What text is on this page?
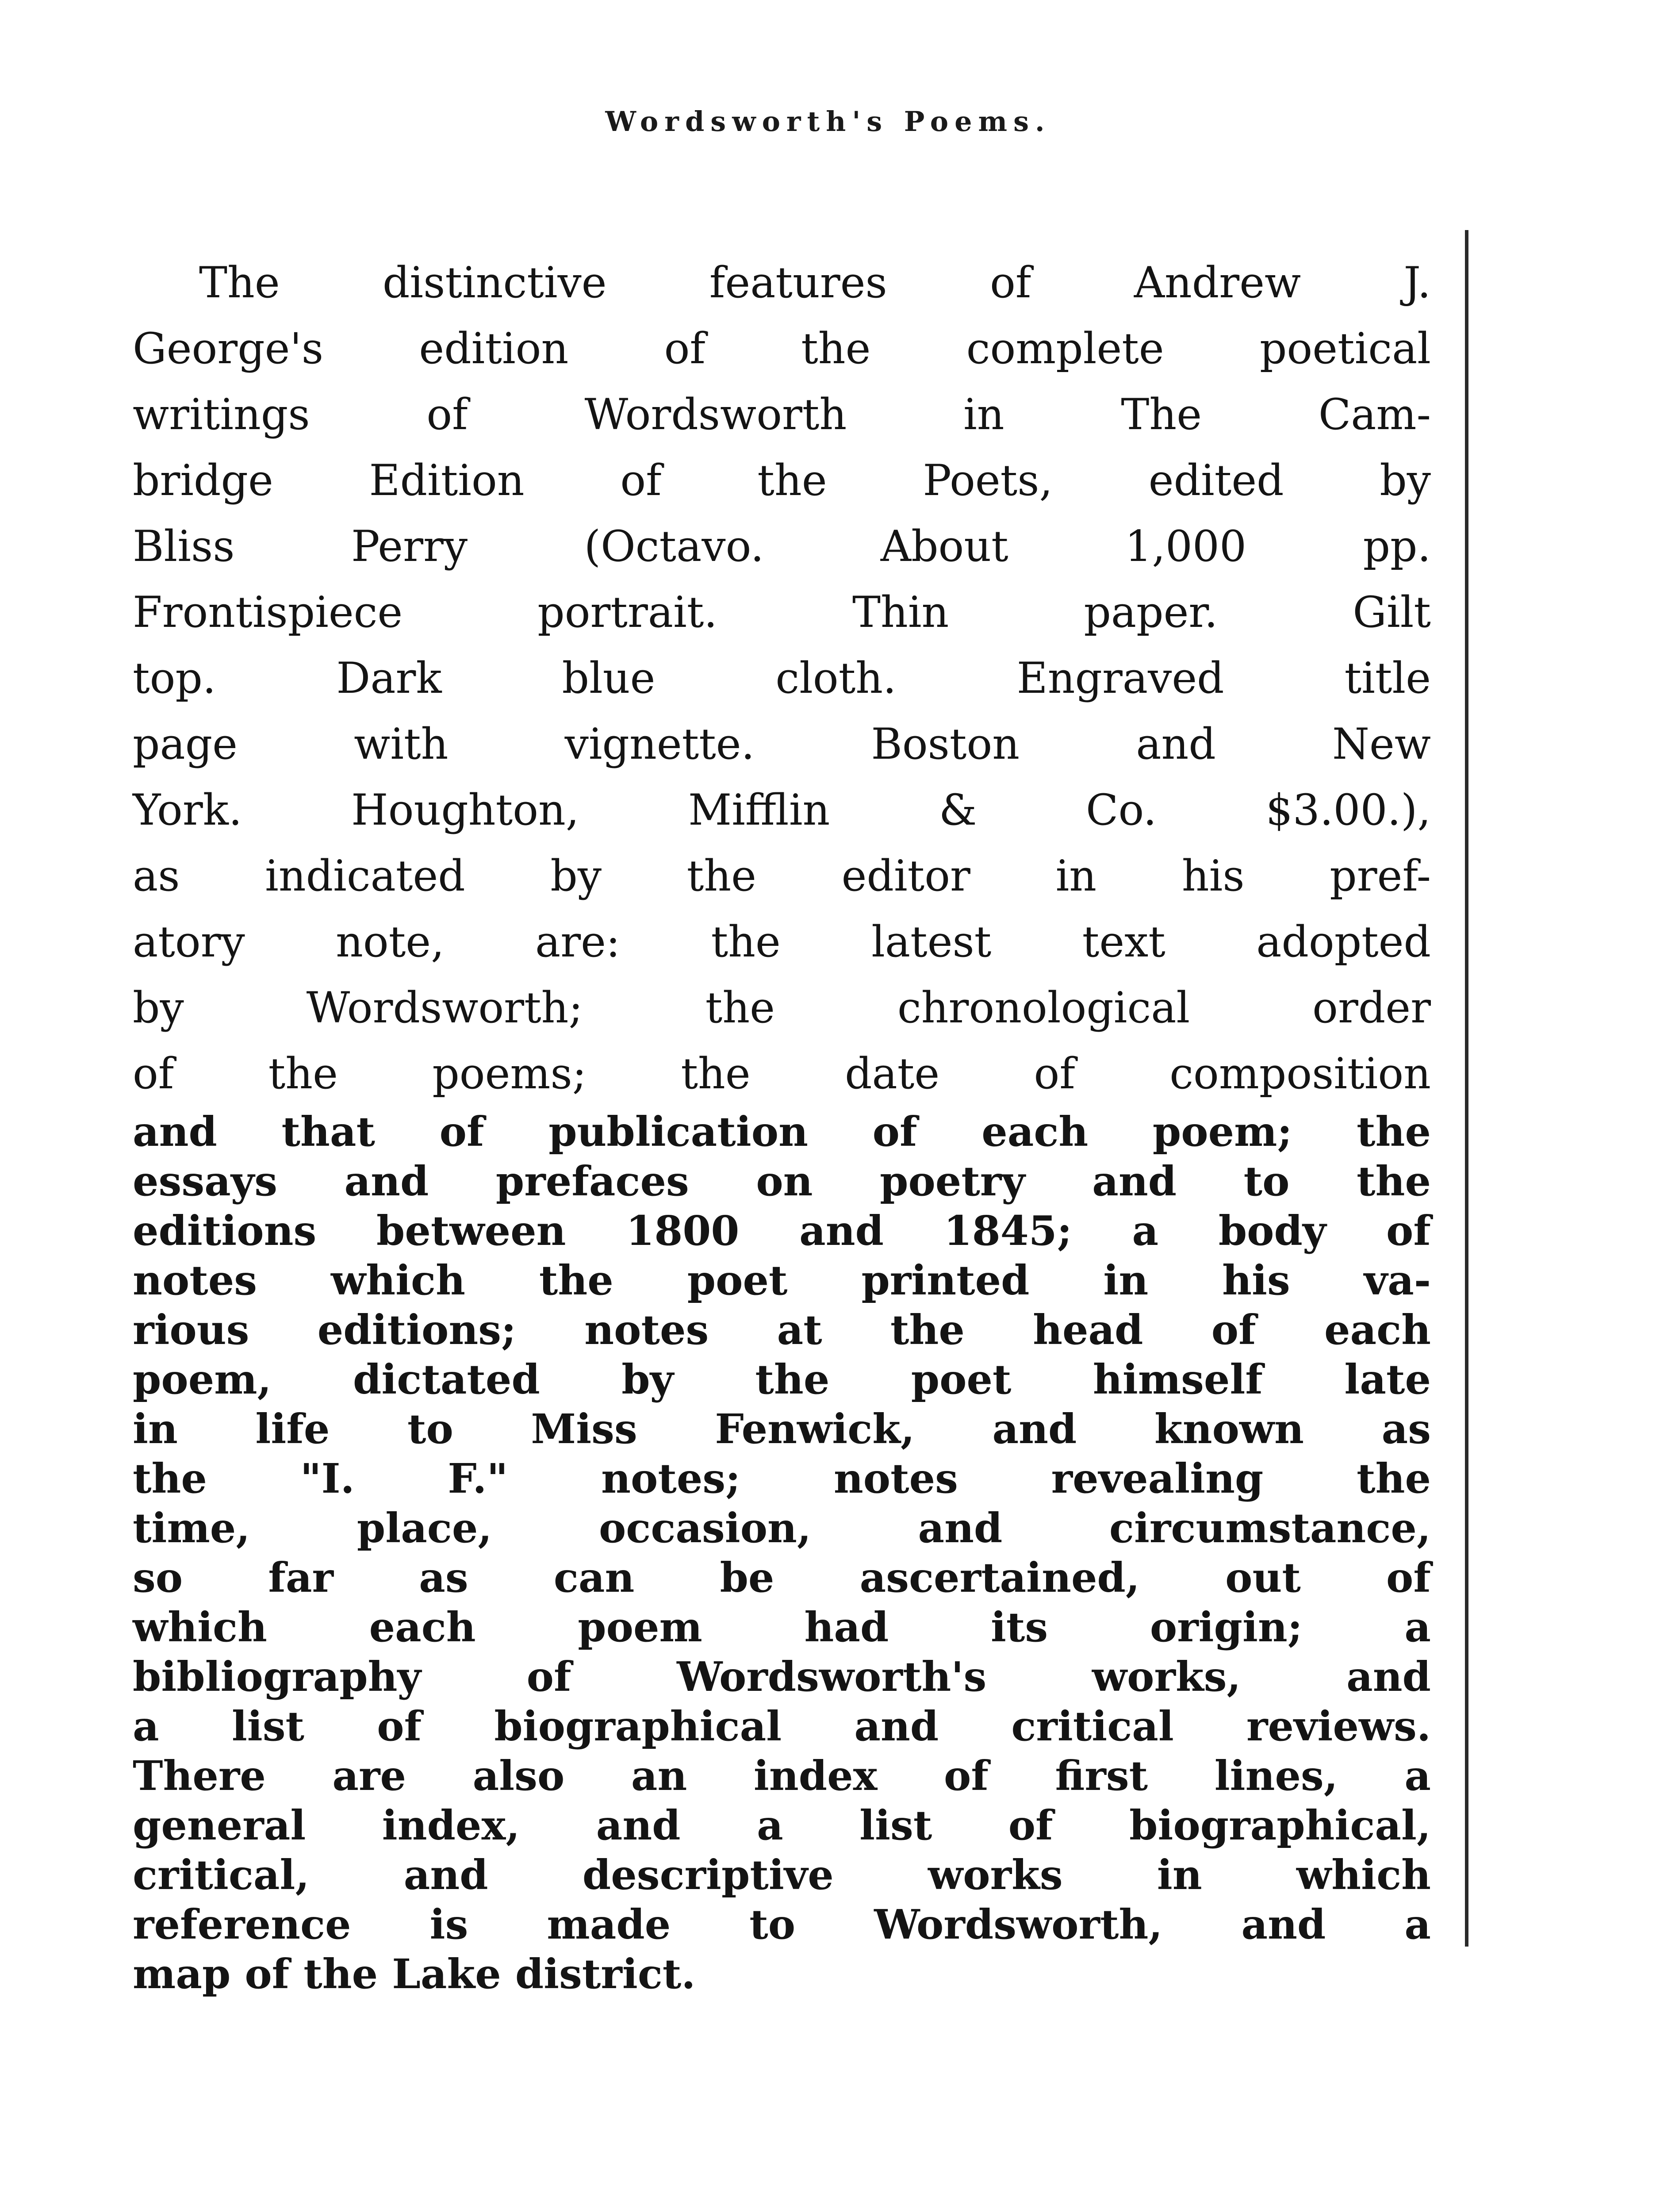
Wordsworth's Poems.
The distinctive features of Andrew J.
George's edition of the complete poetical
writings of Wordsworth in The Cam-
bridge Edition of the Poets, edited by
Bliss Perry (Octavo. About 1,000 pp.
Frontispiece portrait. Thin paper. Gilt
top. Dark blue cloth. Engraved title
page with vignette. Boston and New
York. Houghton, Mifflin & Co. $3.00.),
as indicated by the editor in his pref-
atory note, are: the latest text adopted
by Wordsworth; the chronological order
of the poems; the date of composition
and that of publication of each poem; the
essays and prefaces on poetry and to the
editions between 1800 and 1845; a body of
notes which the poet printed in his va-
rious editions; notes at the head of each
poem, dictated by the poet himself late
in life to Miss Fenwick, and known as
the "I. F." notes; notes revealing the
time, place, occasion, and circumstance,
so far as can be ascertained, out of
which each poem had its origin; a
bibliography of Wordsworth's works, and
a list of biographical and critical reviews.
There are also an index of first lines, a
general index, and a list of biographical,
critical, and descriptive works in which
reference is made to Wordsworth, and a
map of the Lake district.
